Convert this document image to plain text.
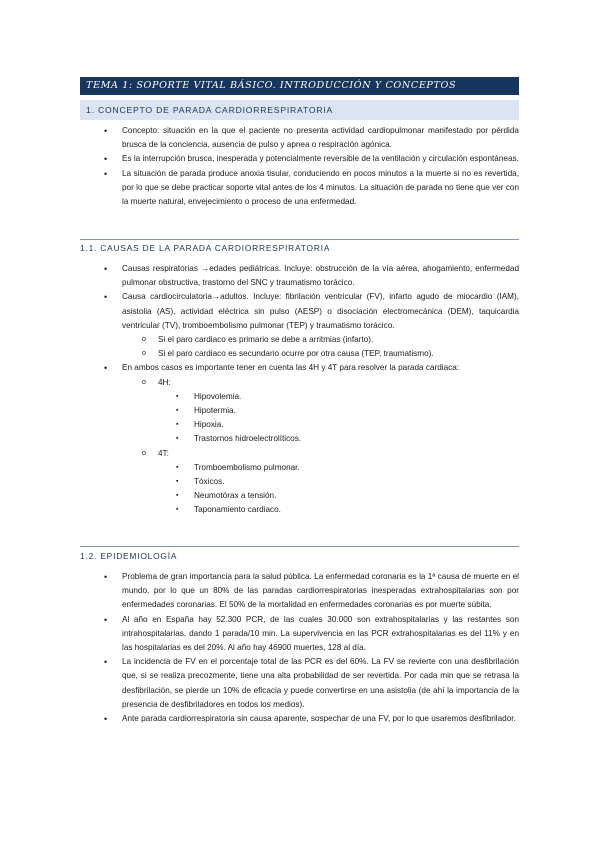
TEMA 1: SOPORTE VITAL BÁSICO. INTRODUCCIÓN Y CONCEPTOS
1. CONCEPTO DE PARADA CARDIORRESPIRATORIA
• Concepto: situación en la que el paciente no presenta actividad cardiopulmonar manifestado por pérdida brusca de la conciencia, ausencia de pulso y apnea o respiración agónica.
• Es la interrupción brusca, inesperada y potencialmente reversible de la ventilación y circulación espontáneas.
• La situación de parada produce anoxia tisular, conduciendo en pocos minutos a la muerte si no es revertida, por lo que se debe practicar soporte vital antes de los 4 minutos. La situación de parada no tiene que ver con la muerte natural, envejecimiento o proceso de una enfermedad.
1.1. CAUSAS DE LA PARADA CARDIORRESPIRATORIA
• Causas respiratorias →edades pediátricas. Incluye: obstrucción de la vía aérea, ahogamiento, enfermedad pulmonar obstructiva, trastorno del SNC y traumatismo torácico.
• Causa cardiocirculatoria→adultos. Incluye: fibrilación ventricular (FV), infarto agudo de miocardio (IAM), asistolia (AS), actividad eléctrica sin pulso (AESP) o disociación electromecánica (DEM), taquicardia ventricular (TV), tromboembolismo pulmonar (TEP) y traumatismo torácico.
o Si el paro cardiaco es primario se debe a arritmias (infarto).
o Si el paro cardiaco es secundario ocurre por otra causa (TEP, traumatismo).
• En ambos casos es importante tener en cuenta las 4H y 4T para resolver la parada cardiaca:
o 4H:
▪ Hipovolemia.
▪ Hipotermia.
▪ Hipoxia.
▪ Trastornos hidroelectrolíticos.
o 4T:
▪ Tromboembolismo pulmonar.
▪ Tóxicos.
▪ Neumotórax a tensión.
▪ Taponamiento cardiaco.
1.2. EPIDEMIOLOGÍA
• Problema de gran importancia para la salud pública. La enfermedad coronaria es la 1ª causa de muerte en el mundo, por lo que un 80% de las paradas cardiorrespiratorias inesperadas extrahospitalarias son por enfermedades coronarias. El 50% de la mortalidad en enfermedades coronarias es por muerte súbita.
• Al año en España hay 52.300 PCR, de las cuales 30.000 son extrahospitalarias y las restantes son intrahospitalarias, dando 1 parada/10 min. La supervivencia en las PCR extrahospitalarias es del 11% y en las hospitalarias es del 20%. Al año hay 46900 muertes, 128 al día.
• La incidencia de FV en el porcentaje total de las PCR es del 60%. La FV se revierte con una desfibrilación que, si se realiza precozmente, tiene una alta probabilidad de ser revertida. Por cada min que se retrasa la desfibrilación, se pierde un 10% de eficacia y puede convertirse en una asistolia (de ahí la importancia de la presencia de desfibriladores en todos los medios).
• Ante parada cardiorrespiratoria sin causa aparente, sospechar de una FV, por lo que usaremos desfibrilador.
